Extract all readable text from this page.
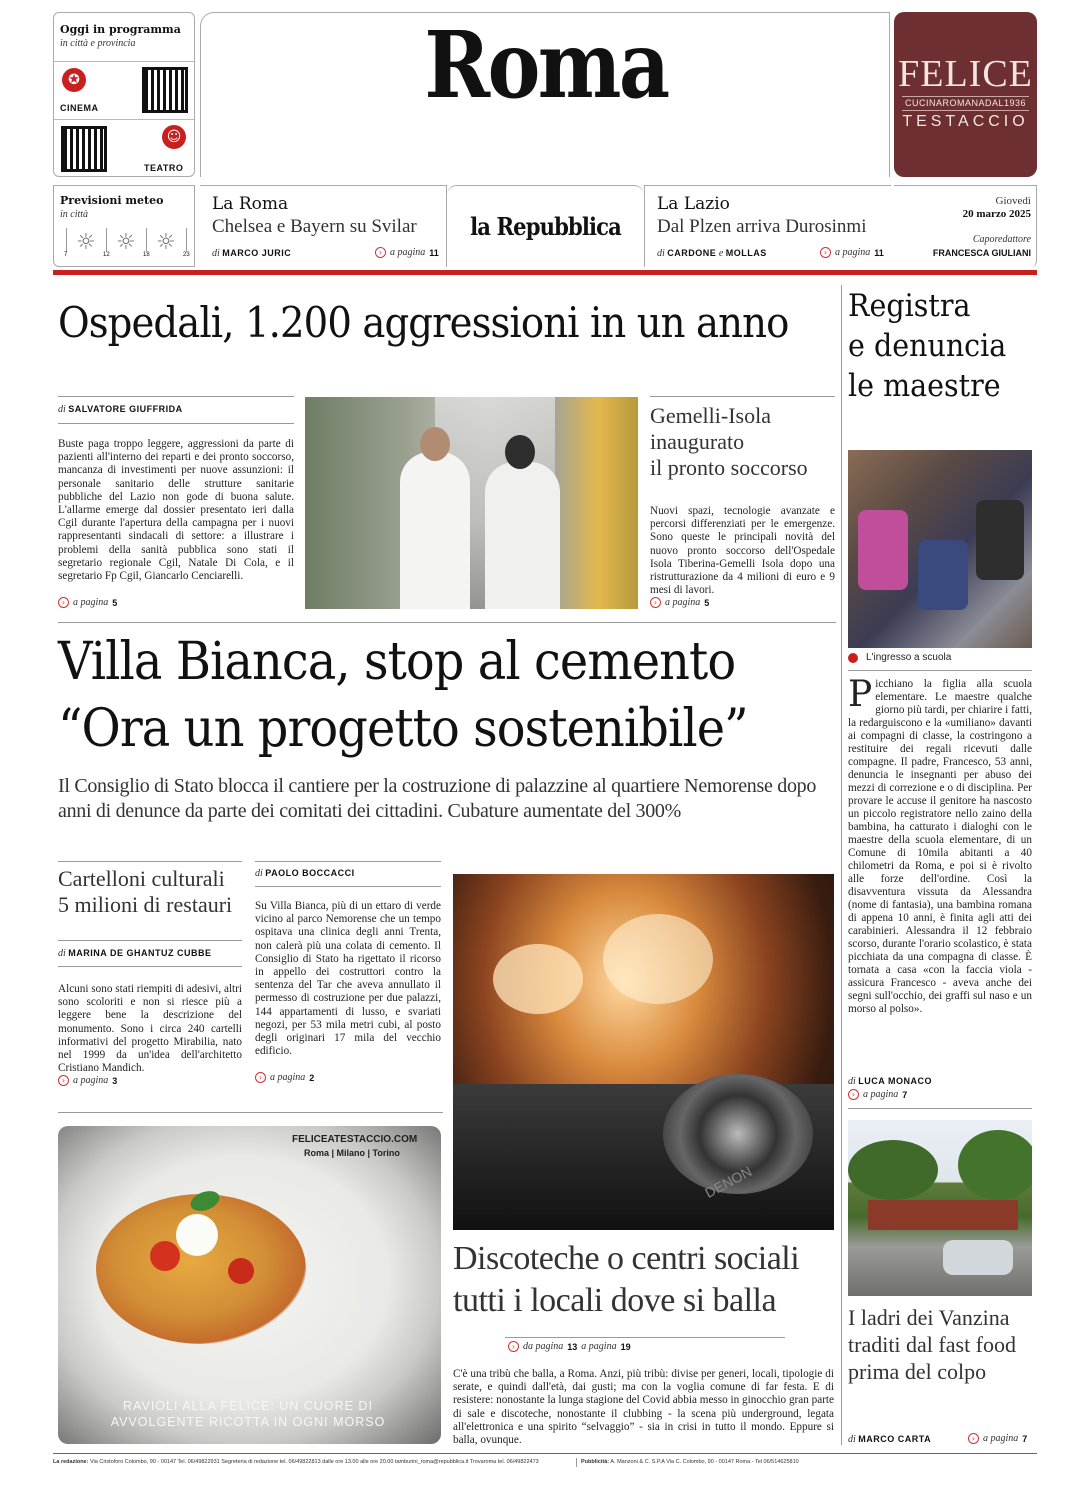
Oggi in programma
in città e provincia
✪
CINEMA
☺
TEATRO
Roma	FELICE
CUCINAROMANADAL1936
TESTACCIO
Previsioni meteo
in città
☼ ☼ ☼
7	12	18	23
La Roma
Chelsea e Bayern su Svilar
di MARCO JURIC	› a pagina 11
la Repubblica
La Lazio
Dal Plzen arriva Durosinmi
di CARDONE e MOLLAS	› a pagina 11
Giovedì
20 marzo 2025
Caporedattore
FRANCESCA GIULIANI
Ospedali, 1.200 aggressioni in un anno
di SALVATORE GIUFFRIDA
Buste paga troppo leggere, aggressioni da parte di pazienti all'interno dei reparti e dei pronto soccorso, mancanza di investimenti per nuove assunzioni: il personale sanitario delle strutture sanitarie pubbliche del Lazio non gode di buona salute. L'allarme emerge dal dossier presentato ieri dalla Cgil durante l'apertura della campagna per i nuovi rappresentanti sindacali di settore: a illustrare i problemi della sanità pubblica sono stati il segretario regionale Cgil, Natale Di Cola, e il segretario Fp Cgil, Giancarlo Cenciarelli.
› a pagina 5
Gemelli-Isola
inaugurato
il pronto soccorso
Nuovi spazi, tecnologie avanzate e percorsi differenziati per le emergenze. Sono queste le principali novità del nuovo pronto soccorso dell'Ospedale Isola Tiberina-Gemelli Isola dopo una ristrutturazione da 4 milioni di euro e 9 mesi di lavori.
› a pagina 5
Villa Bianca, stop al cemento
“Ora un progetto sostenibile”
Il Consiglio di Stato blocca il cantiere per la costruzione di palazzine al quartiere Nemorense dopo anni di denunce da parte dei comitati dei cittadini. Cubature aumentate del 300%
Cartelloni culturali
5 milioni di restauri
di MARINA DE GHANTUZ CUBBE
Alcuni sono stati riempiti di adesivi, altri sono scoloriti e non si riesce più a leggere bene la descrizione del monumento. Sono i circa 240 cartelli informativi del progetto Mirabilia, nato nel 1999 da un'idea dell'architetto Cristiano Mandich.
› a pagina 3
di PAOLO BOCCACCI
Su Villa Bianca, più di un ettaro di verde vicino al parco Nemorense che un tempo ospitava una clinica degli anni Trenta, non calerà più una colata di cemento. Il Consiglio di Stato ha rigettato il ricorso in appello dei costruttori contro la sentenza del Tar che aveva annullato il permesso di costruzione per due palazzi, 144 appartamenti di lusso, e svariati negozi, per 53 mila metri cubi, al posto degli originari 17 mila del vecchio edificio.
› a pagina 2
FELICEATESTACCIO.COM
Roma | Milano | Torino
RAVIOLI ALLA FELICE: UN CUORE DI AVVOLGENTE RICOTTA IN OGNI MORSO
DENON
Discoteche o centri sociali
tutti i locali dove si balla
› da pagina 13 a pagina 19
C'è una tribù che balla, a Roma. Anzi, più tribù: divise per generi, locali, tipologie di serate, e quindi dall'età, dai gusti; ma con la voglia comune di far festa. E di resistere: nonostante la lunga stagione del Covid abbia messo in ginocchio gran parte di sale e discoteche, nonostante il clubbing - la scena più underground, legata all'elettronica e una spirito “selvaggio” - sia in crisi in tutto il mondo. Eppure si balla, ovunque.
Registra
e denuncia
le maestre
L'ingresso a scuola
Picchiano la figlia alla scuola elementare. Le maestre qualche giorno più tardi, per chiarire i fatti, la redarguiscono e la «umiliano» davanti ai compagni di classe, la costringono a restituire dei regali ricevuti dalle compagne. Il padre, Francesco, 53 anni, denuncia le insegnanti per abuso dei mezzi di correzione e o di disciplina. Per provare le accuse il genitore ha nascosto un piccolo registratore nello zaino della bambina, ha catturato i dialoghi con le maestre della scuola elementare, di un Comune di 10mila abitanti a 40 chilometri da Roma, e poi si è rivolto alle forze dell'ordine. Così la disavventura vissuta da Alessandra (nome di fantasia), una bambina romana di appena 10 anni, è finita agli atti dei carabinieri. Alessandra il 12 febbraio scorso, durante l'orario scolastico, è stata picchiata da una compagna di classe. È tornata a casa «con la faccia viola - assicura Francesco - aveva anche dei segni sull'occhio, dei graffi sul naso e un morso al polso».
di LUCA MONACO
› a pagina 7
I ladri dei Vanzina
traditi dal fast food
prima del colpo
di MARCO CARTA	› a pagina 7
La redazione: Via Cristoforo Colombo, 90 - 00147 Tel. 06/49822931 Segreteria di redazione tel. 06/49822813 dalle ore 13.00 alle ore 20.00 tamburini_roma@repubblica.it Trovaroma tel. 06/49822473	Pubblicità: A. Manzoni & C. S.P.A Via C. Colombo, 90 - 00147 Roma - Tel 06/514625810
